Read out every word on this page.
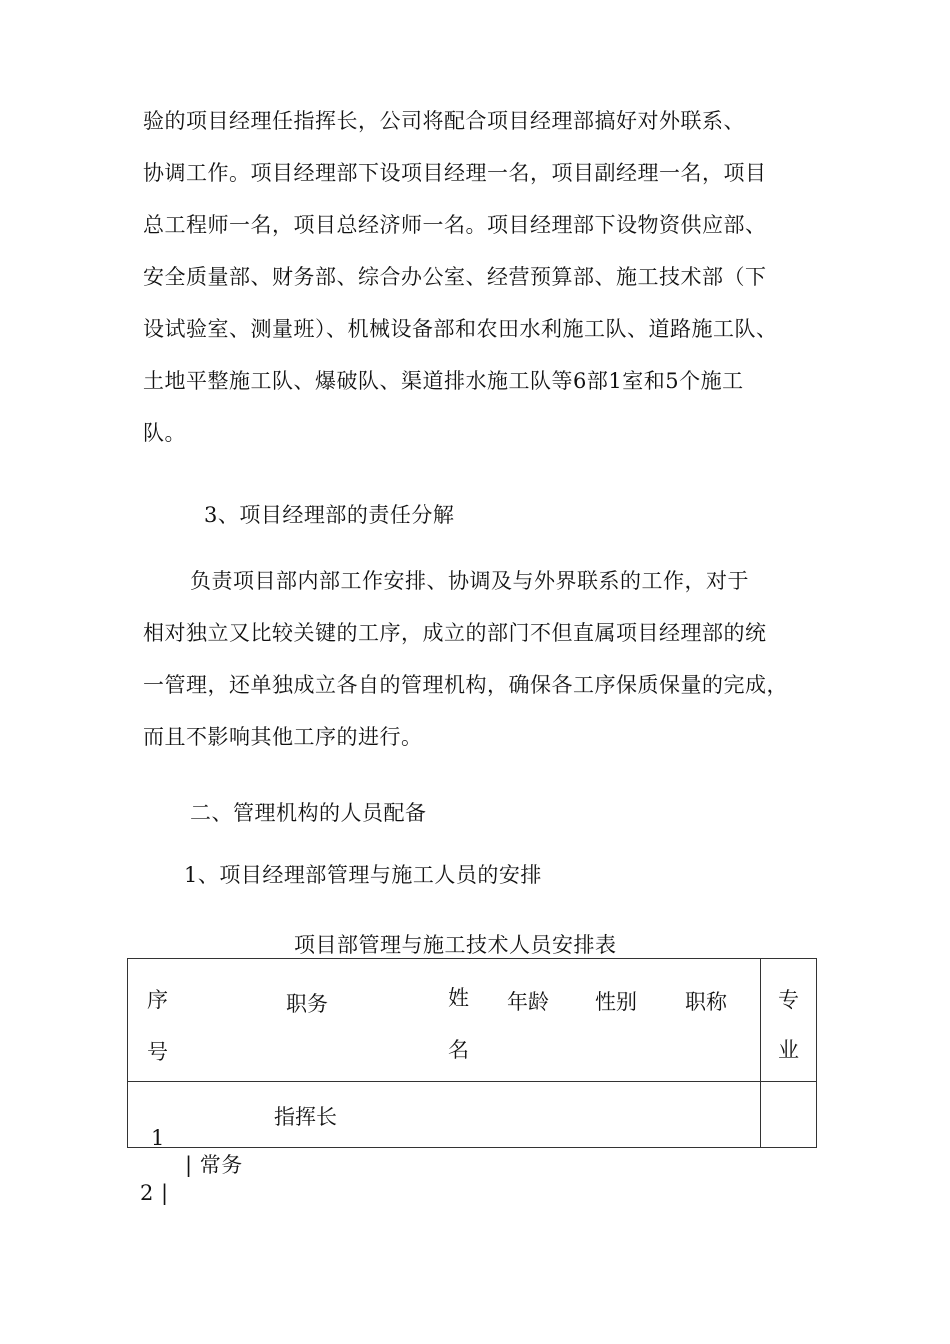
验的项目经理任指挥长，公司将配合项目经理部搞好对外联系、
协调工作。项目经理部下设项目经理一名，项目副经理一名，项目
总工程师一名，项目总经济师一名。项目经理部下设物资供应部、
安全质量部、财务部、综合办公室、经营预算部、施工技术部（下
设试验室、测量班）、机械设备部和农田水利施工队、道路施工队、
土地平整施工队、爆破队、渠道排水施工队等6部1室和5个施工
队。
3、项目经理部的责任分解
负责项目部内部工作安排、协调及与外界联系的工作，对于
相对独立又比较关键的工序，成立的部门不但直属项目经理部的统
一管理，还单独成立各自的管理机构，确保各工序保质保量的完成，
而且不影响其他工序的进行。
二、管理机构的人员配备
1、项目经理部管理与施工人员的安排
项目部管理与施工技术人员安排表
序
号
职务	姓
名
年龄 性别 职称 专
业
1
指挥长
| 常务
2 |
